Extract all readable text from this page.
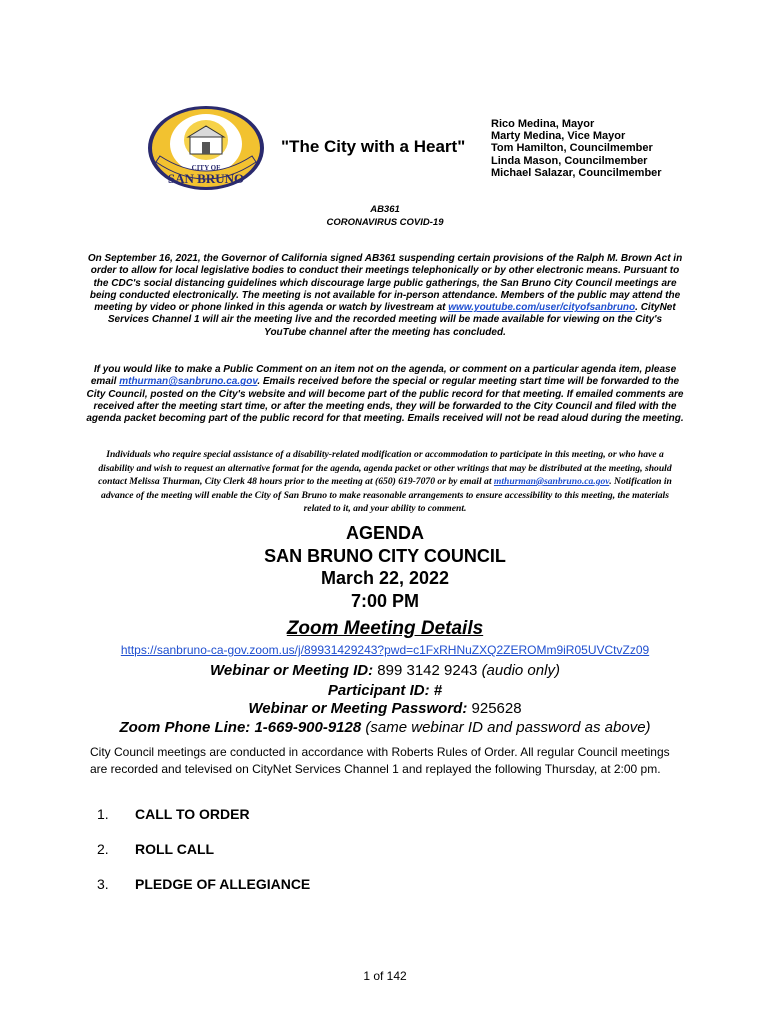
CITY OF
SAN BRUNO
"The City with a Heart"
Rico Medina, Mayor
Marty Medina, Vice Mayor
Tom Hamilton, Councilmember
Linda Mason, Councilmember
Michael Salazar, Councilmember
AB361
CORONAVIRUS COVID-19
On September 16, 2021, the Governor of California signed AB361 suspending certain provisions of the Ralph M. Brown Act in order to allow for local legislative bodies to conduct their meetings telephonically or by other electronic means. Pursuant to the CDC's social distancing guidelines which discourage large public gatherings, the San Bruno City Council meetings are being conducted electronically. The meeting is not available for in-person attendance. Members of the public may attend the meeting by video or phone linked in this agenda or watch by livestream at www.youtube.com/user/cityofsanbruno. CityNet Services Channel 1 will air the meeting live and the recorded meeting will be made available for viewing on the City's YouTube channel after the meeting has concluded.
If you would like to make a Public Comment on an item not on the agenda, or comment on a particular agenda item, please email mthurman@sanbruno.ca.gov. Emails received before the special or regular meeting start time will be forwarded to the City Council, posted on the City's website and will become part of the public record for that meeting. If emailed comments are received after the meeting start time, or after the meeting ends, they will be forwarded to the City Council and filed with the agenda packet becoming part of the public record for that meeting. Emails received will not be read aloud during the meeting.
Individuals who require special assistance of a disability-related modification or accommodation to participate in this meeting, or who have a disability and wish to request an alternative format for the agenda, agenda packet or other writings that may be distributed at the meeting, should contact Melissa Thurman, City Clerk 48 hours prior to the meeting at (650) 619-7070 or by email at mthurman@sanbruno.ca.gov. Notification in advance of the meeting will enable the City of San Bruno to make reasonable arrangements to ensure accessibility to this meeting, the materials related to it, and your ability to comment.
AGENDA
SAN BRUNO CITY COUNCIL
March 22, 2022
7:00 PM
Zoom Meeting Details
https://sanbruno-ca-gov.zoom.us/j/89931429243?pwd=c1FxRHNuZXQ2ZEROMm9iR05UVCtvZz09
Webinar or Meeting ID: 899 3142 9243 (audio only)
Participant ID: #
Webinar or Meeting Password: 925628
Zoom Phone Line: 1-669-900-9128 (same webinar ID and password as above)
City Council meetings are conducted in accordance with Roberts Rules of Order. All regular Council meetings are recorded and televised on CityNet Services Channel 1 and replayed the following Thursday, at 2:00 pm.
1. CALL TO ORDER
2. ROLL CALL
3. PLEDGE OF ALLEGIANCE
1 of 142
